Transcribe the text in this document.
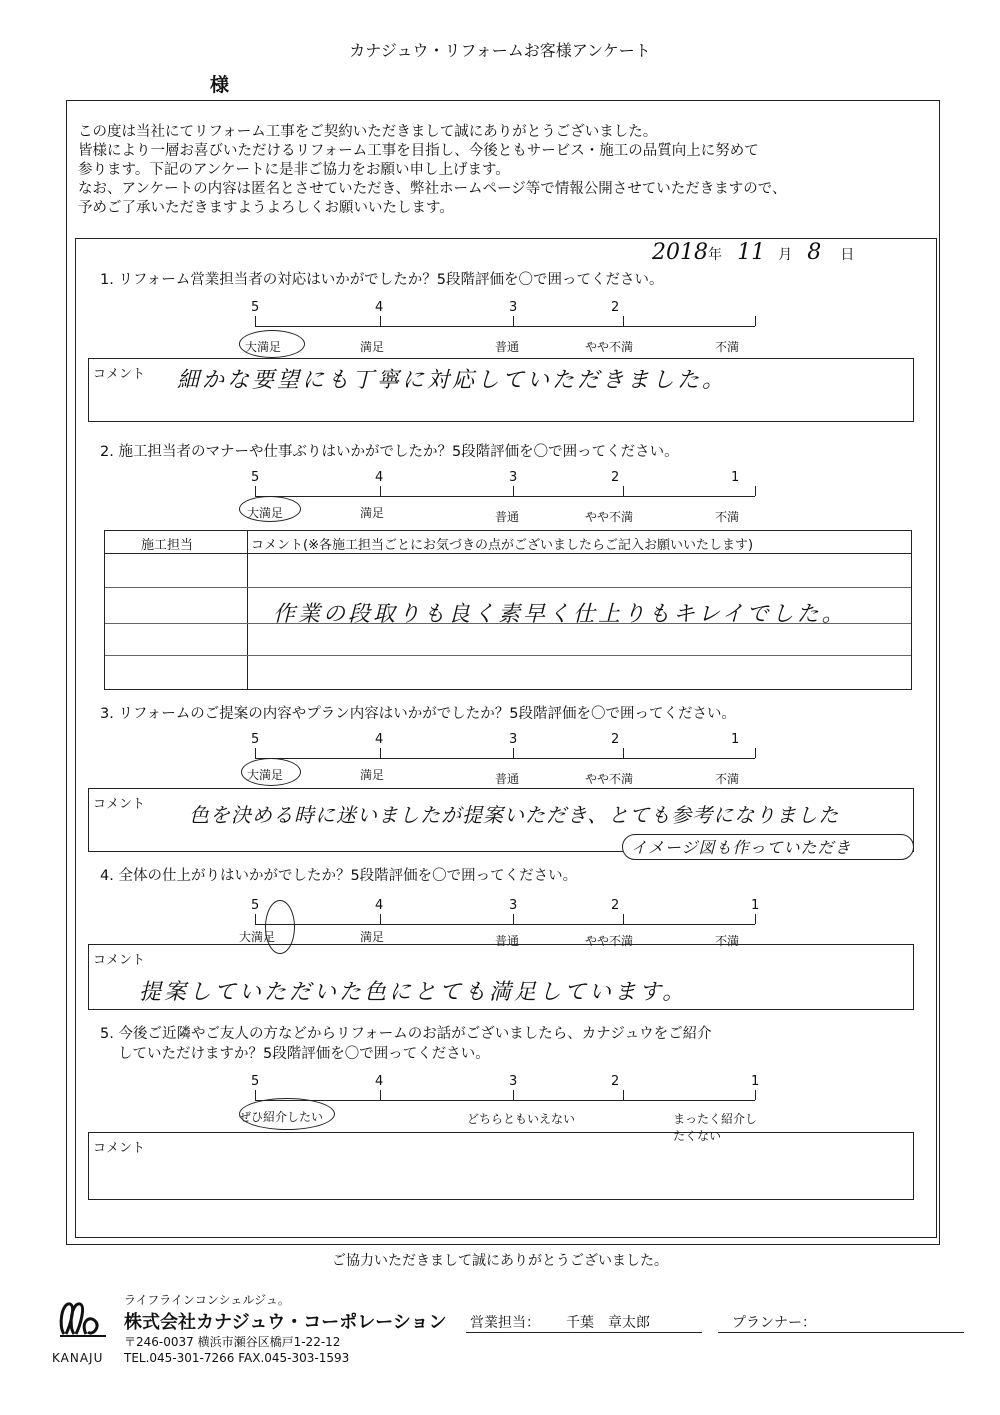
カナジュウ・リフォームお客様アンケート
様
この度は当社にてリフォーム工事をご契約いただきまして誠にありがとうございました。
皆様により一層お喜びいただけるリフォーム工事を目指し、今後ともサービス・施工の品質向上に努めて
参ります。下記のアンケートに是非ご協力をお願い申し上げます。
なお、アンケートの内容は匿名とさせていただき、弊社ホームページ等で情報公開させていただきますので、
予めご了承いただきますようよろしくお願いいたします。
2018年 11 月 8 日
1. リフォーム営業担当者の対応はいかがでしたか？5段階評価を〇で囲ってください。
5	4	3	2
大満足	満足	普通	やや不満	不満
コメント 細かな要望にも丁寧に対応していただきました。
2. 施工担当者のマナーや仕事ぶりはいかがでしたか？5段階評価を〇で囲ってください。
5	4	3	2	1
大満足	満足	普通	やや不満	不満
施工担当	コメント(※各施工担当ごとにお気づきの点がございましたらご記入お願いいたします)
作業の段取りも良く素早く仕上りもキレイでした。
3. リフォームのご提案の内容やプラン内容はいかがでしたか？5段階評価を〇で囲ってください。
5	4	3	2	1
大満足	満足	普通	やや不満	不満
コメント 色を決める時に迷いましたが提案いただき、とても参考になりました
イメージ図も作っていただき
4. 全体の仕上がりはいかがでしたか？5段階評価を〇で囲ってください。
5	4	3	2	1
大満足	満足	普通	やや不満	不満
コメント
提案していただいた色にとても満足しています。
5. 今後ご近隣やご友人の方などからリフォームのお話がございましたら、カナジュウをご紹介
していただけますか？5段階評価を〇で囲ってください。
5	4	3	2	1
ぜひ紹介したい	どちらともいえない	まったく紹介したくない
コメント
ご協力いただきまして誠にありがとうございました。
ライフラインコンシェルジュ。
株式会社カナジュウ・コーポレーション
〒246-0037 横浜市瀬谷区橋戸1-22-12
KANAJU TEL.045-301-7266 FAX.045-303-1593
営業担当： 千葉　章太郎	プランナー：
